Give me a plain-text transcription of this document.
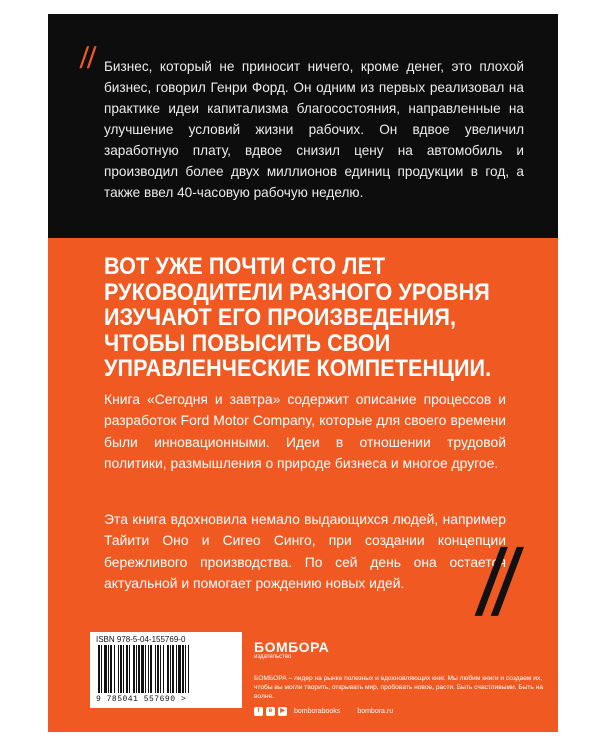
// Бизнес, который не приносит ничего, кроме денег, это плохой бизнес, говорил Генри Форд. Он одним из первых реализовал на практике идеи капитализма благосостояния, направленные на улучшение условий жизни рабочих. Он вдвое увеличил заработную плату, вдвое снизил цену на автомобиль и производил более двух миллионов единиц продукции в год, а также ввел 40-часовую рабочую неделю.
ВОТ УЖЕ ПОЧТИ СТО ЛЕТ
РУКОВОДИТЕЛИ РАЗНОГО УРОВНЯ
ИЗУЧАЮТ ЕГО ПРОИЗВЕДЕНИЯ,
ЧТОБЫ ПОВЫСИТЬ СВОИ
УПРАВЛЕНЧЕСКИЕ КОМПЕТЕНЦИИ.
Книга «Сегодня и завтра» содержит описание процессов и разработок Ford Motor Company, которые для своего времени были инновационными. Идеи в отношении трудовой политики, размышления о природе бизнеса и многое другое.
Эта книга вдохновила немало выдающихся людей, например Тайити Оно и Сигео Синго, при создании концепции бережливого производства. По сей день она остается актуальной и помогает рождению новых идей. //
ISBN 978-5-04-155769-0
9 785041 557690 >
БОМБОРА
издательство
БОМБОРА – лидер на рынке полезных и вдохновляющих книг. Мы любим книги и создаем их, чтобы вы могли творить, открывать мир, пробовать новое, расти. Быть счастливыми. Быть на волне.
f	в	▶	bomborabooks bombora.ru
